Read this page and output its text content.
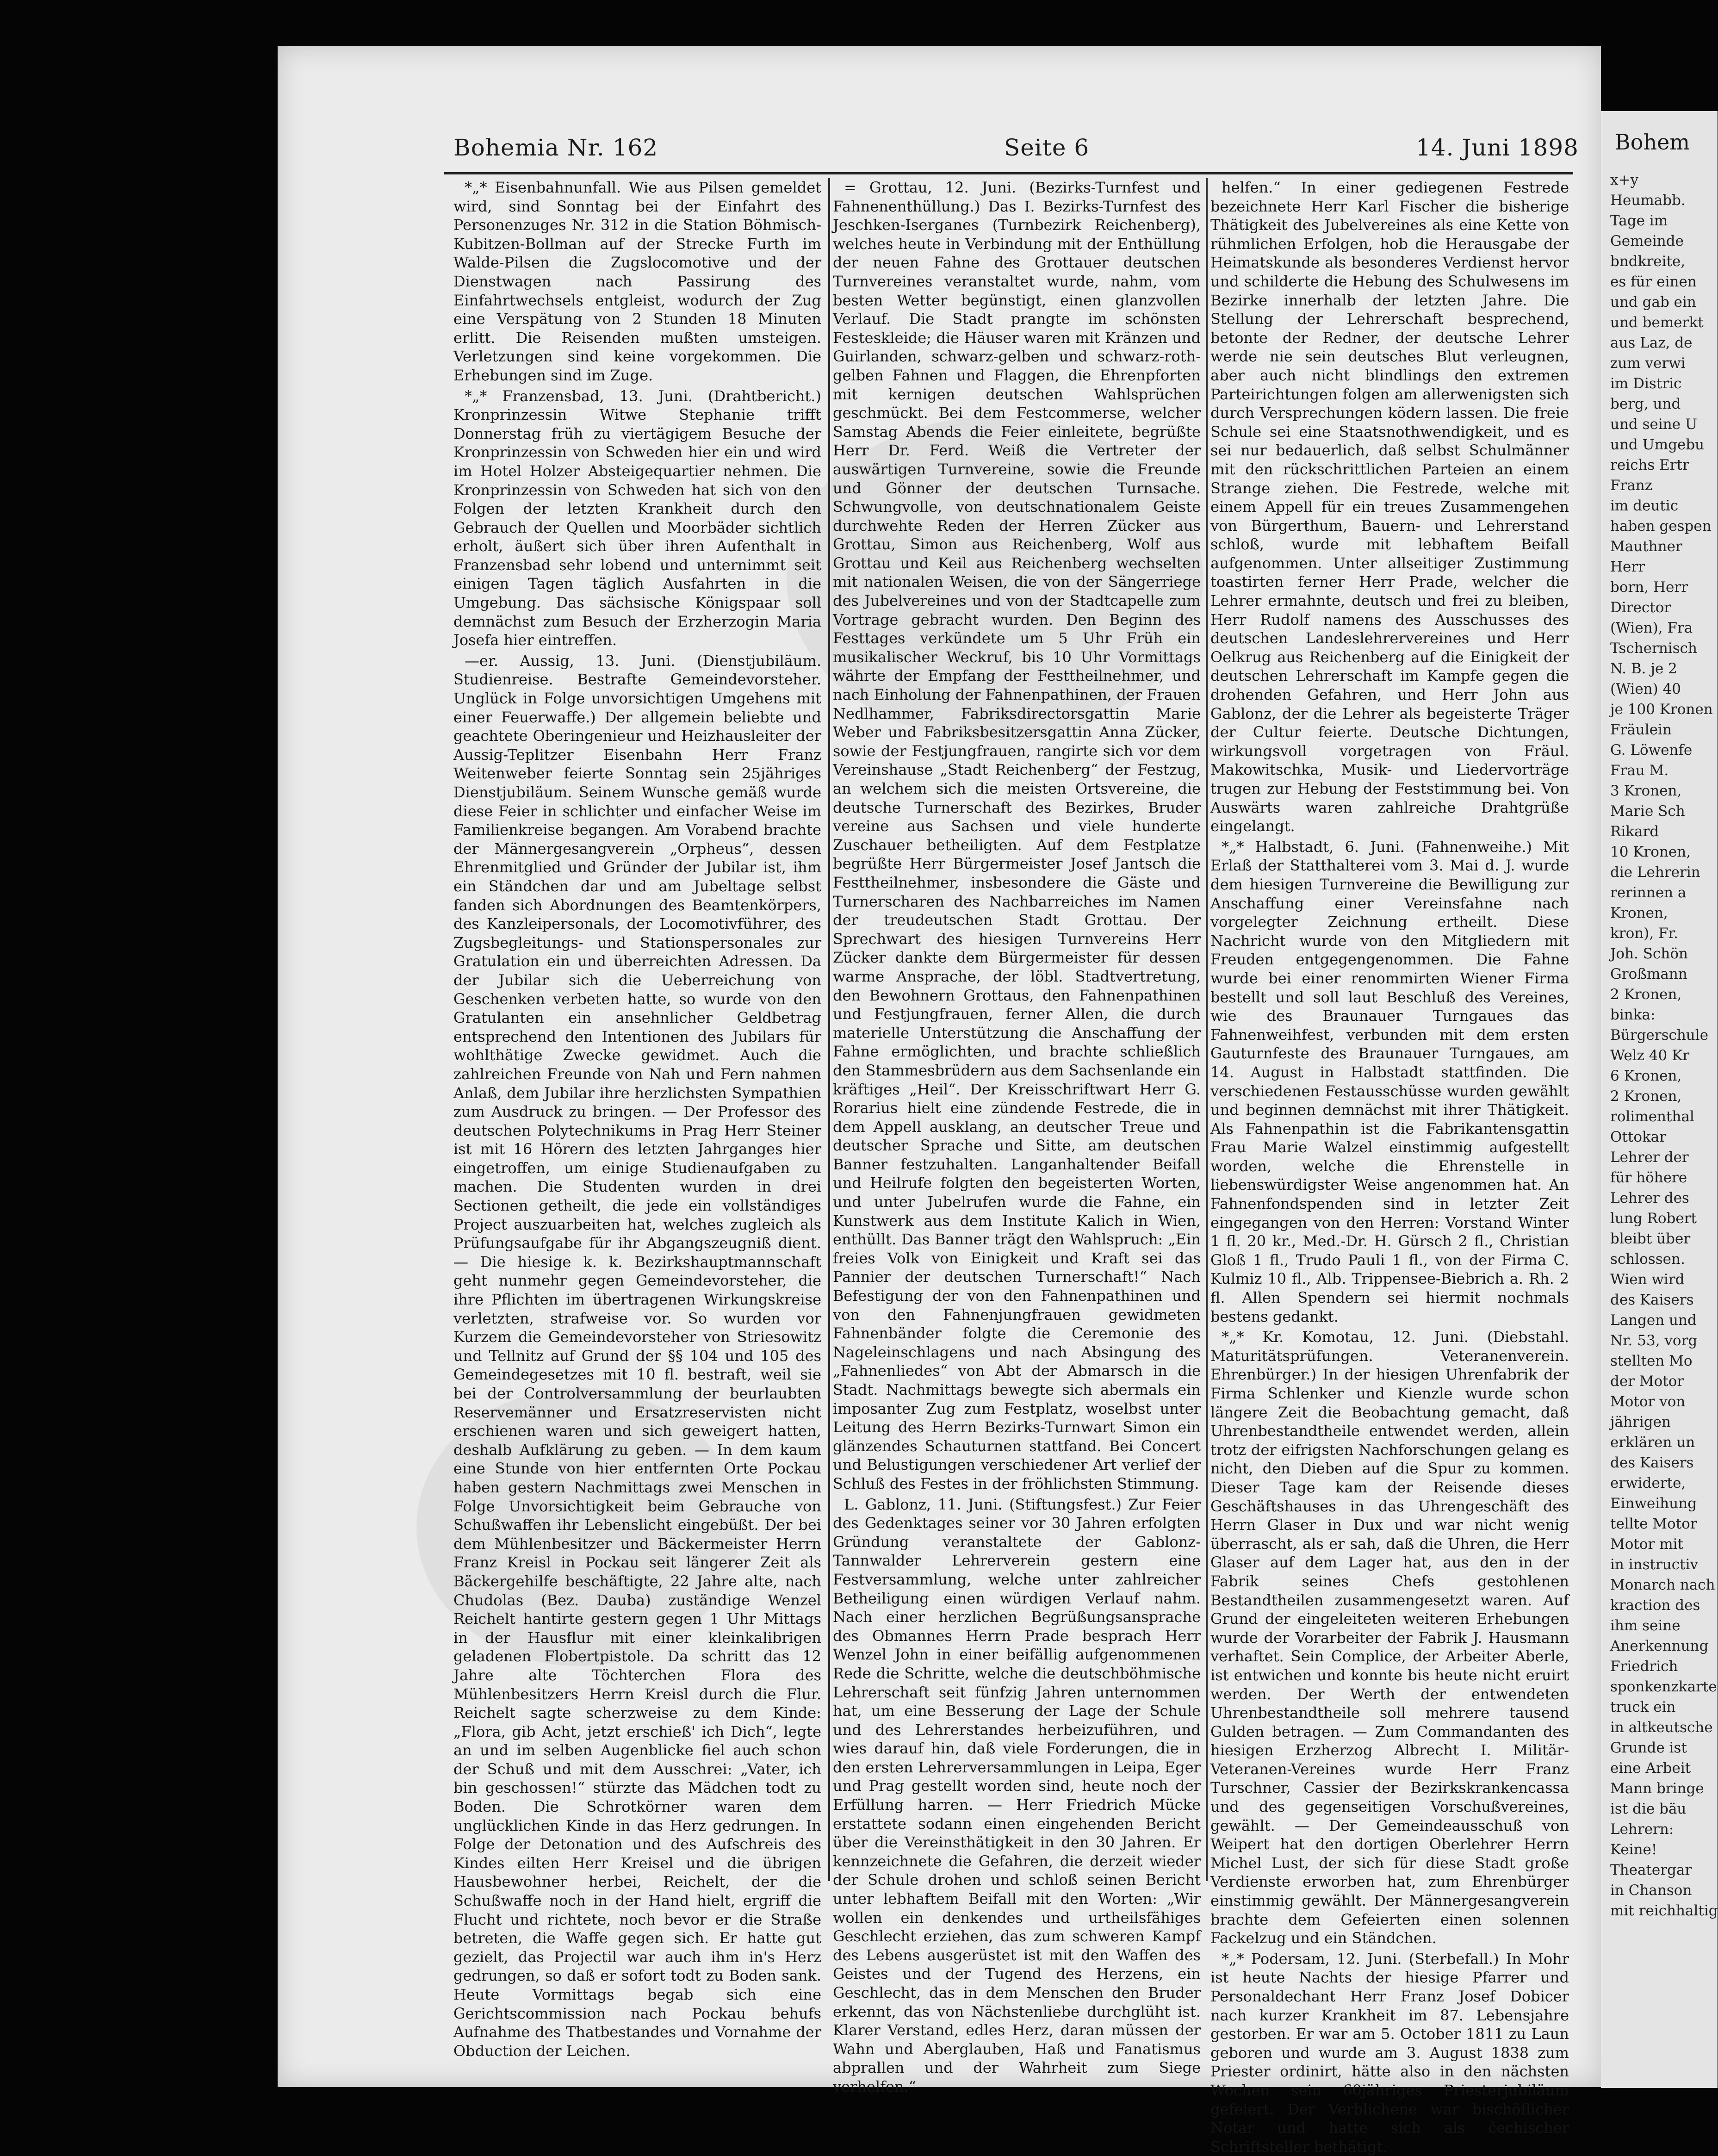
Bohem
x+y
Heumabb.
Tage im
Gemeinde
bndkreite,
es für einen
und gab ein
und bemerkt
aus Laz, de
zum verwi
im Distric
berg, und
und seine U
und Umgebu
reichs Ertr
Franz
im deutic
haben gespen
Mauthner
Herr
born, Herr
Director
(Wien), Fra
Tschernisch
N. B. je 2
(Wien) 40
je 100 Kronen
Fräulein
G. Löwenfe
Frau M.
3 Kronen,
Marie Sch
Rikard
10 Kronen,
die Lehrerin
rerinnen a
Kronen,
kron), Fr.
Joh. Schön
Großmann
2 Kronen,
binka:
Bürgerschule
Welz 40 Kr
6 Kronen,
2 Kronen,
rolimenthal
Ottokar
Lehrer der
für höhere
Lehrer des
lung Robert
bleibt über
schlossen.
Wien wird
des Kaisers
Langen und
Nr. 53, vorg
stellten Mo
der Motor
Motor von
jährigen
erklären un
des Kaisers
erwiderte,
Einweihung
tellte Motor
Motor mit
in instructiv
Monarch nach
kraction des
ihm seine
Anerkennung
Friedrich
sponkenzkarte
truck ein
in altkeutsche
Grunde ist
eine Arbeit
Mann bringe
ist die bäu
Lehrern:
Keine!
Theatergar
in Chanson
mit reichhaltig
Bohemia Nr. 162	Seite 6	14. Juni 1898

*„* Eisenbahnunfall. Wie aus Pilsen gemeldet wird, sind Sonntag bei der Einfahrt des Personenzuges Nr. 312 in die Station Böhmisch-Kubitzen-Bollman auf der Strecke Furth im Walde-Pilsen die Zugslocomotive und der Dienstwagen nach Passirung des Einfahrtwechsels entgleist, wodurch der Zug eine Verspätung von 2 Stunden 18 Minuten erlitt. Die Reisenden mußten umsteigen. Verletzungen sind keine vorgekommen. Die Erhebungen sind im Zuge.

*„* Franzensbad, 13. Juni. (Drahtbericht.) Kronprinzessin Witwe Stephanie trifft Donnerstag früh zu viertägigem Besuche der Kronprinzessin von Schweden hier ein und wird im Hotel Holzer Absteigequartier nehmen. Die Kronprinzessin von Schweden hat sich von den Folgen der letzten Krankheit durch den Gebrauch der Quellen und Moorbäder sichtlich erholt, äußert sich über ihren Aufenthalt in Franzensbad sehr lobend und unternimmt seit einigen Tagen täglich Ausfahrten in die Umgebung. Das sächsische Königspaar soll demnächst zum Besuch der Erzherzogin Maria Josefa hier eintreffen.

—er. Aussig, 13. Juni. (Dienstjubiläum. Studienreise. Bestrafte Gemeindevorsteher. Unglück in Folge unvorsichtigen Umgehens mit einer Feuerwaffe.) Der allgemein beliebte und geachtete Oberingenieur und Heizhausleiter der Aussig-Teplitzer Eisenbahn Herr Franz Weitenweber feierte Sonntag sein 25jähriges Dienstjubiläum. Seinem Wunsche gemäß wurde diese Feier in schlichter und einfacher Weise im Familienkreise begangen. Am Vorabend brachte der Männergesangverein „Orpheus“, dessen Ehrenmitglied und Gründer der Jubilar ist, ihm ein Ständchen dar und am Jubeltage selbst fanden sich Abordnungen des Beamtenkörpers, des Kanzleipersonals, der Locomotivführer, des Zugsbegleitungs- und Stationspersonales zur Gratulation ein und überreichten Adressen. Da der Jubilar sich die Ueberreichung von Geschenken verbeten hatte, so wurde von den Gratulanten ein ansehnlicher Geldbetrag entsprechend den Intentionen des Jubilars für wohlthätige Zwecke gewidmet. Auch die zahlreichen Freunde von Nah und Fern nahmen Anlaß, dem Jubilar ihre herzlichsten Sympathien zum Ausdruck zu bringen. — Der Professor des deutschen Polytechnikums in Prag Herr Steiner ist mit 16 Hörern des letzten Jahrganges hier eingetroffen, um einige Studienaufgaben zu machen. Die Studenten wurden in drei Sectionen getheilt, die jede ein vollständiges Project auszuarbeiten hat, welches zugleich als Prüfungsaufgabe für ihr Abgangszeugniß dient. — Die hiesige k. k. Bezirkshauptmannschaft geht nunmehr gegen Gemeindevorsteher, die ihre Pflichten im übertragenen Wirkungskreise verletzten, strafweise vor. So wurden vor Kurzem die Gemeindevorsteher von Striesowitz und Tellnitz auf Grund der §§ 104 und 105 des Gemeindegesetzes mit 10 fl. bestraft, weil sie bei der Controlversammlung der beurlaubten Reservemänner und Ersatzreservisten nicht erschienen waren und sich geweigert hatten, deshalb Aufklärung zu geben. — In dem kaum eine Stunde von hier entfernten Orte Pockau haben gestern Nachmittags zwei Menschen in Folge Unvorsichtigkeit beim Gebrauche von Schußwaffen ihr Lebenslicht eingebüßt. Der bei dem Mühlenbesitzer und Bäckermeister Herrn Franz Kreisl in Pockau seit längerer Zeit als Bäckergehilfe beschäftigte, 22 Jahre alte, nach Chudolas (Bez. Dauba) zuständige Wenzel Reichelt hantirte gestern gegen 1 Uhr Mittags in der Hausflur mit einer kleinkalibrigen geladenen Flobertpistole. Da schritt das 12 Jahre alte Töchterchen Flora des Mühlenbesitzers Herrn Kreisl durch die Flur. Reichelt sagte scherzweise zu dem Kinde: „Flora, gib Acht, jetzt erschieß' ich Dich“, legte an und im selben Augenblicke fiel auch schon der Schuß und mit dem Ausschrei: „Vater, ich bin geschossen!“ stürzte das Mädchen todt zu Boden. Die Schrotkörner waren dem unglücklichen Kinde in das Herz gedrungen. In Folge der Detonation und des Aufschreis des Kindes eilten Herr Kreisel und die übrigen Hausbewohner herbei, Reichelt, der die Schußwaffe noch in der Hand hielt, ergriff die Flucht und richtete, noch bevor er die Straße betreten, die Waffe gegen sich. Er hatte gut gezielt, das Projectil war auch ihm in's Herz gedrungen, so daß er sofort todt zu Boden sank. Heute Vormittags begab sich eine Gerichtscommission nach Pockau behufs Aufnahme des Thatbestandes und Vornahme der Obduction der Leichen.

= Grottau, 12. Juni. (Bezirks-Turnfest und Fahnenenthüllung.) Das I. Bezirks-Turnfest des Jeschken-Iserganes (Turnbezirk Reichenberg), welches heute in Verbindung mit der Enthüllung der neuen Fahne des Grottauer deutschen Turnvereines veranstaltet wurde, nahm, vom besten Wetter begünstigt, einen glanzvollen Verlauf. Die Stadt prangte im schönsten Festeskleide; die Häuser waren mit Kränzen und Guirlanden, schwarz-gelben und schwarz-roth-gelben Fahnen und Flaggen, die Ehrenpforten mit kernigen deutschen Wahlsprüchen geschmückt. Bei dem Festcommerse, welcher Samstag Abends die Feier einleitete, begrüßte Herr Dr. Ferd. Weiß die Vertreter der auswärtigen Turnvereine, sowie die Freunde und Gönner der deutschen Turnsache. Schwungvolle, von deutschnationalem Geiste durchwehte Reden der Herren Zücker aus Grottau, Simon aus Reichenberg, Wolf aus Grottau und Keil aus Reichenberg wechselten mit nationalen Weisen, die von der Sängerriege des Jubelvereines und von der Stadtcapelle zum Vortrage gebracht wurden. Den Beginn des Festtages verkündete um 5 Uhr Früh ein musikalischer Weckruf, bis 10 Uhr Vormittags währte der Empfang der Festtheilnehmer, und nach Einholung der Fahnenpathinen, der Frauen Nedlhammer, Fabriksdirectorsgattin Marie Weber und Fabriksbesitzersgattin Anna Zücker, sowie der Festjungfrauen, rangirte sich vor dem Vereinshause „Stadt Reichenberg“ der Festzug, an welchem sich die meisten Ortsvereine, die deutsche Turnerschaft des Bezirkes, Bruder vereine aus Sachsen und viele hunderte Zuschauer betheiligten. Auf dem Festplatze begrüßte Herr Bürgermeister Josef Jantsch die Festtheilnehmer, insbesondere die Gäste und Turnerscharen des Nachbarreiches im Namen der treudeutschen Stadt Grottau. Der Sprechwart des hiesigen Turnvereins Herr Zücker dankte dem Bürgermeister für dessen warme Ansprache, der löbl. Stadtvertretung, den Bewohnern Grottaus, den Fahnenpathinen und Festjungfrauen, ferner Allen, die durch materielle Unterstützung die Anschaffung der Fahne ermöglichten, und brachte schließlich den Stammesbrüdern aus dem Sachsenlande ein kräftiges „Heil“. Der Kreisschriftwart Herr G. Rorarius hielt eine zündende Festrede, die in dem Appell ausklang, an deutscher Treue und deutscher Sprache und Sitte, am deutschen Banner festzuhalten. Langanhaltender Beifall und Heilrufe folgten den begeisterten Worten, und unter Jubelrufen wurde die Fahne, ein Kunstwerk aus dem Institute Kalich in Wien, enthüllt. Das Banner trägt den Wahlspruch: „Ein freies Volk von Einigkeit und Kraft sei das Pannier der deutschen Turnerschaft!“ Nach Befestigung der von den Fahnenpathinen und von den Fahnenjungfrauen gewidmeten Fahnenbänder folgte die Ceremonie des Nageleinschlagens und nach Absingung des „Fahnenliedes“ von Abt der Abmarsch in die Stadt. Nachmittags bewegte sich abermals ein imposanter Zug zum Festplatz, woselbst unter Leitung des Herrn Bezirks-Turnwart Simon ein glänzendes Schauturnen stattfand. Bei Concert und Belustigungen verschiedener Art verlief der Schluß des Festes in der fröhlichsten Stimmung.

L. Gablonz, 11. Juni. (Stiftungsfest.) Zur Feier des Gedenktages seiner vor 30 Jahren erfolgten Gründung veranstaltete der Gablonz-Tannwalder Lehrerverein gestern eine Festversammlung, welche unter zahlreicher Betheiligung einen würdigen Verlauf nahm. Nach einer herzlichen Begrüßungsansprache des Obmannes Herrn Prade besprach Herr Wenzel John in einer beifällig aufgenommenen Rede die Schritte, welche die deutschböhmische Lehrerschaft seit fünfzig Jahren unternommen hat, um eine Besserung der Lage der Schule und des Lehrerstandes herbeizuführen, und wies darauf hin, daß viele Forderungen, die in den ersten Lehrerversammlungen in Leipa, Eger und Prag gestellt worden sind, heute noch der Erfüllung harren. — Herr Friedrich Mücke erstattete sodann einen eingehenden Bericht über die Vereinsthätigkeit in den 30 Jahren. Er kennzeichnete die Gefahren, die derzeit wieder der Schule drohen und schloß seinen Bericht unter lebhaftem Beifall mit den Worten: „Wir wollen ein denkendes und urtheilsfähiges Geschlecht erziehen, das zum schweren Kampf des Lebens ausgerüstet ist mit den Waffen des Geistes und der Tugend des Herzens, ein Geschlecht, das in dem Menschen den Bruder erkennt, das von Nächstenliebe durchglüht ist. Klarer Verstand, edles Herz, daran müssen der Wahn und Aberglauben, Haß und Fanatismus abprallen und der Wahrheit zum Siege verhelfen.“

helfen.“ In einer gediegenen Festrede bezeichnete Herr Karl Fischer die bisherige Thätigkeit des Jubelvereines als eine Kette von rühmlichen Erfolgen, hob die Herausgabe der Heimatskunde als besonderes Verdienst hervor und schilderte die Hebung des Schulwesens im Bezirke innerhalb der letzten Jahre. Die Stellung der Lehrerschaft besprechend, betonte der Redner, der deutsche Lehrer werde nie sein deutsches Blut verleugnen, aber auch nicht blindlings den extremen Parteirichtungen folgen am allerwenigsten sich durch Versprechungen ködern lassen. Die freie Schule sei eine Staatsnothwendigkeit, und es sei nur bedauerlich, daß selbst Schulmänner mit den rückschrittlichen Parteien an einem Strange ziehen. Die Festrede, welche mit einem Appell für ein treues Zusammengehen von Bürgerthum, Bauern- und Lehrerstand schloß, wurde mit lebhaftem Beifall aufgenommen. Unter allseitiger Zustimmung toastirten ferner Herr Prade, welcher die Lehrer ermahnte, deutsch und frei zu bleiben, Herr Rudolf namens des Ausschusses des deutschen Landeslehrervereines und Herr Oelkrug aus Reichenberg auf die Einigkeit der deutschen Lehrerschaft im Kampfe gegen die drohenden Gefahren, und Herr John aus Gablonz, der die Lehrer als begeisterte Träger der Cultur feierte. Deutsche Dichtungen, wirkungsvoll vorgetragen von Fräul. Makowitschka, Musik- und Liedervorträge trugen zur Hebung der Feststimmung bei. Von Auswärts waren zahlreiche Drahtgrüße eingelangt.

*„* Halbstadt, 6. Juni. (Fahnenweihe.) Mit Erlaß der Statthalterei vom 3. Mai d. J. wurde dem hiesigen Turnvereine die Bewilligung zur Anschaffung einer Vereinsfahne nach vorgelegter Zeichnung ertheilt. Diese Nachricht wurde von den Mitgliedern mit Freuden entgegengenommen. Die Fahne wurde bei einer renommirten Wiener Firma bestellt und soll laut Beschluß des Vereines, wie des Braunauer Turngaues das Fahnenweihfest, verbunden mit dem ersten Gauturnfeste des Braunauer Turngaues, am 14. August in Halbstadt stattfinden. Die verschiedenen Festausschüsse wurden gewählt und beginnen demnächst mit ihrer Thätigkeit. Als Fahnenpathin ist die Fabrikantensgattin Frau Marie Walzel einstimmig aufgestellt worden, welche die Ehrenstelle in liebenswürdigster Weise angenommen hat. An Fahnenfondspenden sind in letzter Zeit eingegangen von den Herren: Vorstand Winter 1 fl. 20 kr., Med.-Dr. H. Gürsch 2 fl., Christian Gloß 1 fl., Trudo Pauli 1 fl., von der Firma C. Kulmiz 10 fl., Alb. Trippensee-Biebrich a. Rh. 2 fl. Allen Spendern sei hiermit nochmals bestens gedankt.

*„* Kr. Komotau, 12. Juni. (Diebstahl. Maturitätsprüfungen. Veteranenverein. Ehrenbürger.) In der hiesigen Uhrenfabrik der Firma Schlenker und Kienzle wurde schon längere Zeit die Beobachtung gemacht, daß Uhrenbestandtheile entwendet werden, allein trotz der eifrigsten Nachforschungen gelang es nicht, den Dieben auf die Spur zu kommen. Dieser Tage kam der Reisende dieses Geschäftshauses in das Uhrengeschäft des Herrn Glaser in Dux und war nicht wenig überrascht, als er sah, daß die Uhren, die Herr Glaser auf dem Lager hat, aus den in der Fabrik seines Chefs gestohlenen Bestandtheilen zusammengesetzt waren. Auf Grund der eingeleiteten weiteren Erhebungen wurde der Vorarbeiter der Fabrik J. Hausmann verhaftet. Sein Complice, der Arbeiter Aberle, ist entwichen und konnte bis heute nicht eruirt werden. Der Werth der entwendeten Uhrenbestandtheile soll mehrere tausend Gulden betragen. — Zum Commandanten des hiesigen Erzherzog Albrecht I. Militär-Veteranen-Vereines wurde Herr Franz Turschner, Cassier der Bezirkskrankencassa und des gegenseitigen Vorschußvereines, gewählt. — Der Gemeindeausschuß von Weipert hat den dortigen Oberlehrer Herrn Michel Lust, der sich für diese Stadt große Verdienste erworben hat, zum Ehrenbürger einstimmig gewählt. Der Männergesangverein brachte dem Gefeierten einen solennen Fackelzug und ein Ständchen.

*„* Podersam, 12. Juni. (Sterbefall.) In Mohr ist heute Nachts der hiesige Pfarrer und Personaldechant Herr Franz Josef Dobicer nach kurzer Krankheit im 87. Lebensjahre gestorben. Er war am 5. October 1811 zu Laun geboren und wurde am 3. August 1838 zum Priester ordinirt, hätte also in den nächsten Wochen sein 60jähriges Priesterjubiläum gefeiert. Der Verblichene war bischöflicher Notar und hatte sich als čechischer Schriftsteller bethätigt.
